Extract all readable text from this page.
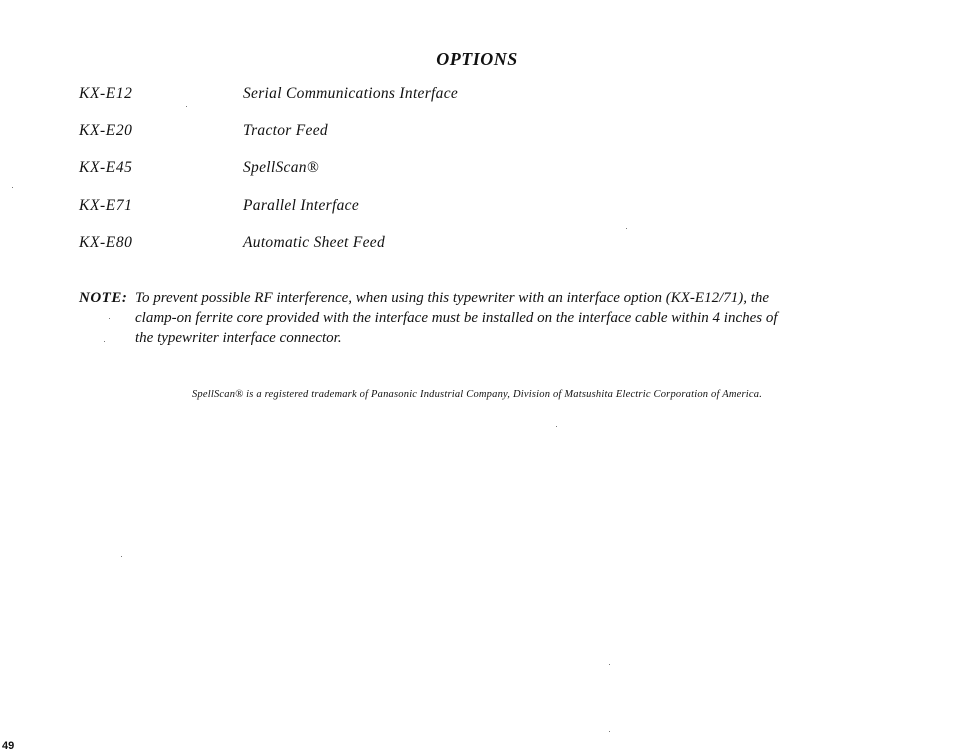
OPTIONS
KX-E12	Serial Communications Interface
KX-E20	Tractor Feed
KX-E45	SpellScan®
KX-E71	Parallel Interface
KX-E80	Automatic Sheet Feed
NOTE: To prevent possible RF interference, when using this typewriter with an interface option (KX-E12/71), the
clamp-on ferrite core provided with the interface must be installed on the interface cable within 4 inches of
the typewriter interface connector.
SpellScan® is a registered trademark of Panasonic Industrial Company, Division of Matsushita Electric Corporation of America.
49
